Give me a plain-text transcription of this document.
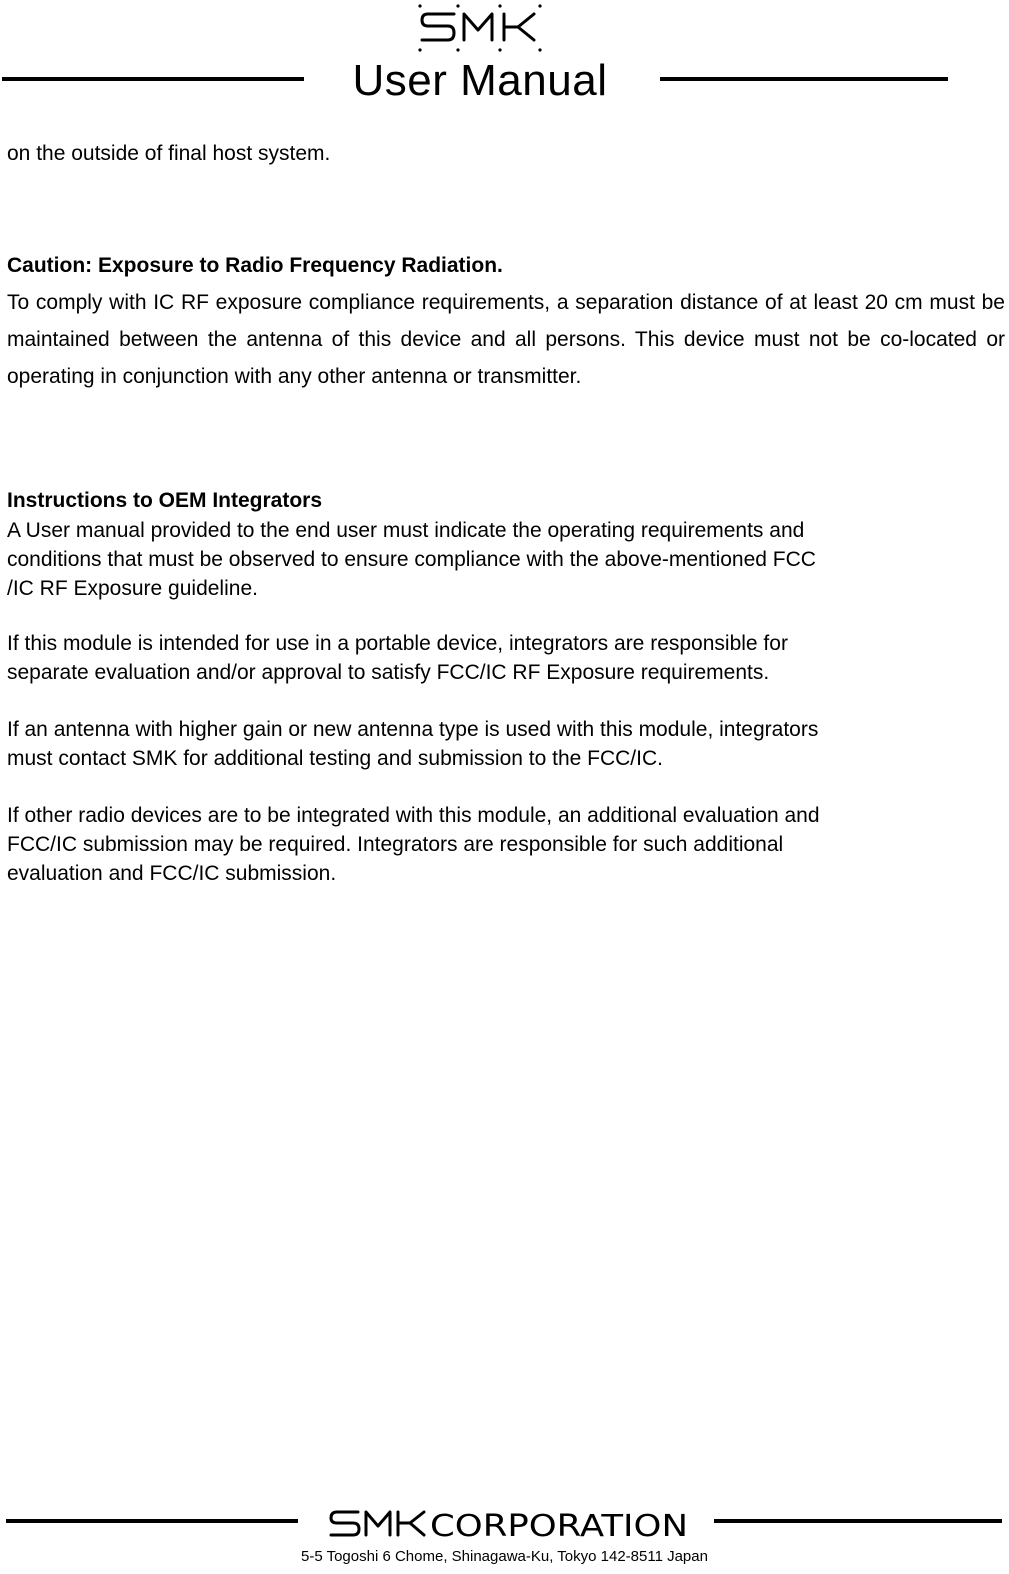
SMK
User Manual
on the outside of final host system.
Caution: Exposure to Radio Frequency Radiation.
To comply with IC RF exposure compliance requirements, a separation distance of at least 20 cm must be maintained between the antenna of this device and all persons. This device must not be co-located or operating in conjunction with any other antenna or transmitter.
Instructions to OEM Integrators
A User manual provided to the end user must indicate the operating requirements and
conditions that must be observed to ensure compliance with the above-mentioned FCC
/IC RF Exposure guideline.
If this module is intended for use in a portable device, integrators are responsible for
separate evaluation and/or approval to satisfy FCC/IC RF Exposure requirements.
If an antenna with higher gain or new antenna type is used with this module, integrators
must contact SMK for additional testing and submission to the FCC/IC.
If other radio devices are to be integrated with this module, an additional evaluation and
FCC/IC submission may be required. Integrators are responsible for such additional
evaluation and FCC/IC submission.
CORPORATION
5-5 Togoshi 6 Chome, Shinagawa-Ku, Tokyo 142-8511 Japan
